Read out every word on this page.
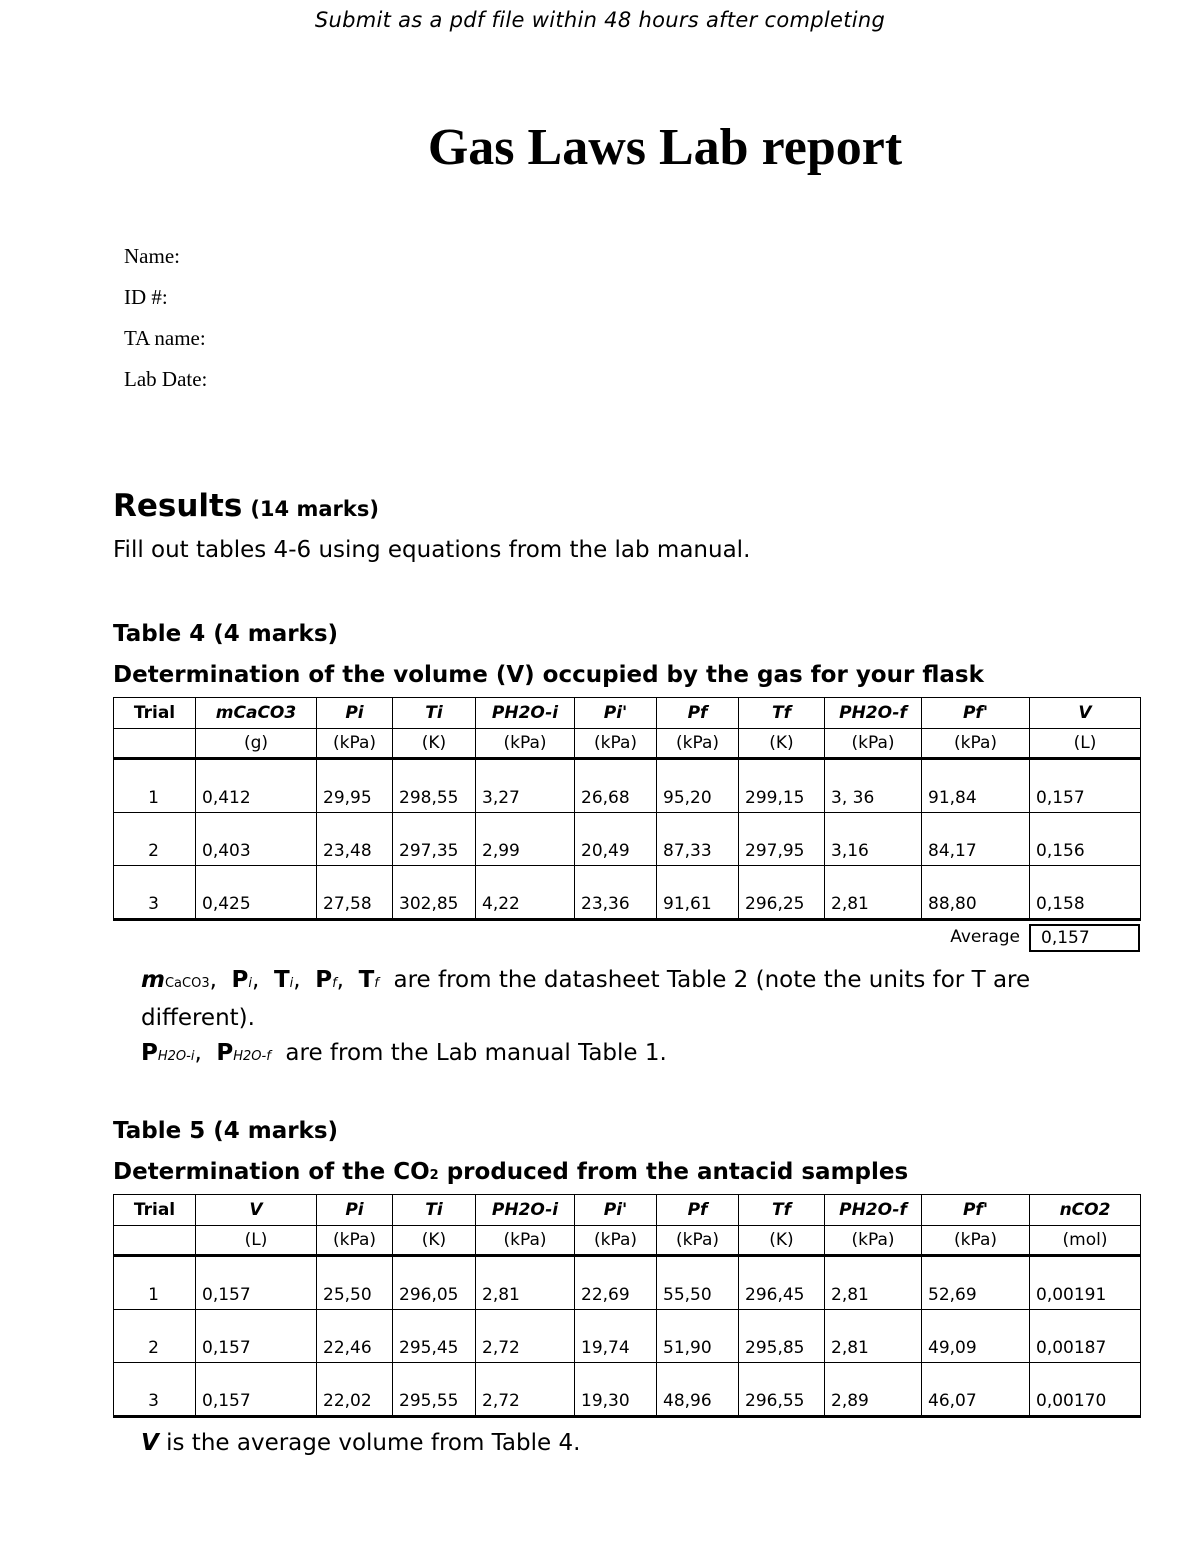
Submit as a pdf file within 48 hours after completing
Gas Laws Lab report
Name:
ID #:
TA name:
Lab Date:
Results (14 marks)
Fill out tables 4-6 using equations from the lab manual.
Table 4 (4 marks)
Determination of the volume (V) occupied by the gas for your flask
Trial	mCaCO3	Pi	Ti	PH2O-i	Pi'	Pf	Tf	PH2O-f	Pf'	V
	(g)	(kPa)	(K)	(kPa)	(kPa)	(kPa)	(K)	(kPa)	(kPa)	(L)
1	0,412	29,95	298,55	3,27	26,68	95,20	299,15	3, 36	91,84	0,157
2	0,403	23,48	297,35	2,99	20,49	87,33	297,95	3,16	84,17	0,156
3	0,425	27,58	302,85	4,22	23,36	91,61	296,25	2,81	88,80	0,158
Average	0,157
mCaCO3,  Pi,  Ti,  Pf,  Tf are from the datasheet Table 2 (note the units for T are different).
PH2O-i,  PH2O-f are from the Lab manual Table 1.
Table 5 (4 marks)
Determination of the CO2 produced from the antacid samples
Trial	V	Pi	Ti	PH2O-i	Pi'	Pf	Tf	PH2O-f	Pf'	nCO2
	(L)	(kPa)	(K)	(kPa)	(kPa)	(kPa)	(K)	(kPa)	(kPa)	(mol)
1	0,157	25,50	296,05	2,81	22,69	55,50	296,45	2,81	52,69	0,00191
2	0,157	22,46	295,45	2,72	19,74	51,90	295,85	2,81	49,09	0,00187
3	0,157	22,02	295,55	2,72	19,30	48,96	296,55	2,89	46,07	0,00170
V is the average volume from Table 4.
